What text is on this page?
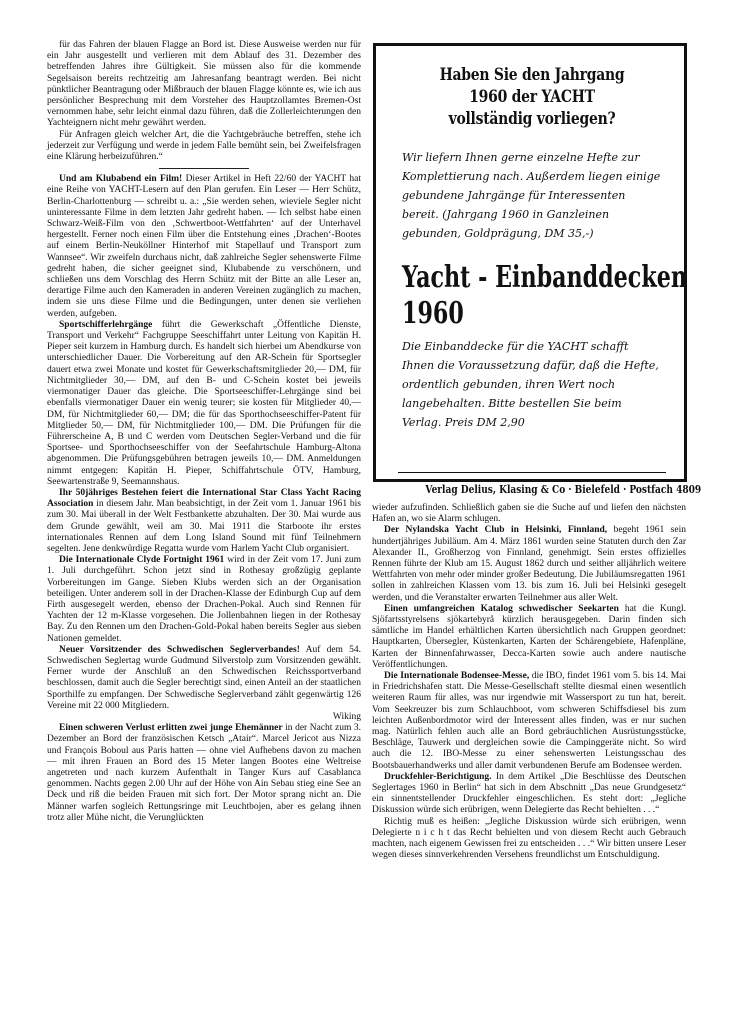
für das Fahren der blauen Flagge an Bord ist. Diese Ausweise werden nur für ein Jahr ausgestellt und verlieren mit dem Ablauf des 31. Dezember des betreffenden Jahres ihre Gültigkeit. Sie müssen also für die kommende Segelsaison bereits rechtzeitig am Jahresanfang beantragt werden. Bei nicht pünktlicher Beantragung oder Mißbrauch der blauen Flagge könnte es, wie ich aus persönlicher Besprechung mit dem Vorsteher des Hauptzollamtes Bremen-Ost vernommen habe, sehr leicht einmal dazu führen, daß die Zollerleichterungen den Yachteignern nicht mehr gewährt werden.

Für Anfragen gleich welcher Art, die die Yachtgebräuche betreffen, stehe ich jederzeit zur Verfügung und werde in jedem Falle bemüht sein, bei Zweifelsfragen eine Klärung herbeizuführen.“

Und am Klubabend ein Film! Dieser Artikel in Heft 22/60 der YACHT hat eine Reihe von YACHT-Lesern auf den Plan gerufen. Ein Leser — Herr Schütz, Berlin-Charlottenburg — schreibt u. a.: „Sie werden sehen, wieviele Segler nicht uninteressante Filme in dem letzten Jahr gedreht haben. — Ich selbst habe einen Schwarz-Weiß-Film von den ‚Schwertboot-Wettfahrten‘ auf der Unterhavel hergestellt. Ferner noch einen Film über die Entstehung eines ‚Drachen‘-Bootes auf einem Berlin-Neuköllner Hinterhof mit Stapellauf und Transport zum Wannsee“. Wir zweifeln durchaus nicht, daß zahlreiche Segler sehenswerte Filme gedreht haben, die sicher geeignet sind, Klubabende zu verschönern, und schließen uns dem Vorschlag des Herrn Schütz mit der Bitte an alle Leser an, derartige Filme auch den Kameraden in anderen Vereinen zugänglich zu machen, indem sie uns diese Filme und die Bedingungen, unter denen sie verliehen werden, aufgeben.

Sportschifferlehrgänge führt die Gewerkschaft „Öffentliche Dienste, Transport und Verkehr“ Fachgruppe Seeschiffahrt unter Leitung von Kapitän H. Pieper seit kurzem in Hamburg durch. Es handelt sich hierbei um Abendkurse von unterschiedlicher Dauer. Die Vorbereitung auf den AR-Schein für Sportsegler dauert etwa zwei Monate und kostet für Gewerkschaftsmitglieder 20,— DM, für Nichtmitglieder 30,— DM, auf den B- und C-Schein kostet bei jeweils viermonatiger Dauer das gleiche. Die Sportseeschiffer-Lehrgänge sind bei ebenfalls viermonatiger Dauer ein wenig teurer; sie kosten für Mitglieder 40,— DM, für Nichtmitglieder 60,— DM; die für das Sporthochseeschiffer-Patent für Mitglieder 50,— DM, für Nichtmitglieder 100,— DM. Die Prüfungen für die Führerscheine A, B und C werden vom Deutschen Segler-Verband und die für Sportsee- und Sporthochseeschiffer von der Seefahrtschule Hamburg-Altona abgenommen. Die Prüfungsgebühren betragen jeweils 10,— DM. Anmeldungen nimmt entgegen: Kapitän H. Pieper, Schiffahrtschule ÖTV, Hamburg, Seewartenstraße 9, Seemannshaus.

Ihr 50jähriges Bestehen feiert die International Star Class Yacht Racing Association in diesem Jahr. Man beabsichtigt, in der Zeit vom 1. Januar 1961 bis zum 30. Mai überall in der Welt Festbankette abzuhalten. Der 30. Mai wurde aus dem Grunde gewählt, weil am 30. Mai 1911 die Starboote ihr erstes internationales Rennen auf dem Long Island Sound mit fünf Teilnehmern segelten. Jene denkwürdige Regatta wurde vom Harlem Yacht Club organisiert.

Die Internationale Clyde Fortnight 1961 wird in der Zeit vom 17. Juni zum 1. Juli durchgeführt. Schon jetzt sind in Rothesay großzügig geplante Vorbereitungen im Gange. Sieben Klubs werden sich an der Organisation beteiligen. Unter anderem soll in der Drachen-Klasse der Edinburgh Cup auf dem Firth ausgesegelt werden, ebenso der Drachen-Pokal. Auch sind Rennen für Yachten der 12 m-Klasse vorgesehen. Die Jollenbahnen liegen in der Rothesay Bay. Zu den Rennen um den Drachen-Gold-Pokal haben bereits Segler aus sieben Nationen gemeldet.

Neuer Vorsitzender des Schwedischen Seglerverbandes! Auf dem 54. Schwedischen Seglertag wurde Gudmund Silverstolp zum Vorsitzenden gewählt. Ferner wurde der Anschluß an den Schwedischen Reichssportverband beschlossen, damit auch die Segler berechtigt sind, einen Anteil an der staatlichen Sporthilfe zu empfangen. Der Schwedische Seglerverband zählt gegenwärtig 126 Vereine mit 22 000 Mitgliedern.

Wiking

Einen schweren Verlust erlitten zwei junge Ehemänner in der Nacht zum 3. Dezember an Bord der französischen Ketsch „Atair“. Marcel Jericot aus Nizza und François Boboul aus Paris hatten — ohne viel Aufhebens davon zu machen — mit ihren Frauen an Bord des 15 Meter langen Bootes eine Weltreise angetreten und nach kurzem Aufenthalt in Tanger Kurs auf Casablanca genommen. Nachts gegen 2.00 Uhr auf der Höhe von Ain Sebau stieg eine See an Deck und riß die beiden Frauen mit sich fort. Der Motor sprang nicht an. Die Männer warfen sogleich Rettungsringe mit Leuchtbojen, aber es gelang ihnen trotz aller Mühe nicht, die Verunglückten

Haben Sie den Jahrgang 1960 der YACHT vollständig vorliegen?
Wir liefern Ihnen gerne einzelne Hefte zur Komplettierung nach. Außerdem liegen einige gebundene Jahrgänge für Interessenten bereit. (Jahrgang 1960 in Ganzleinen gebunden, Goldprägung, DM 35,-)
Yacht - Einbanddecken
1960
Die Einbanddecke für die YACHT schafft Ihnen die Voraussetzung dafür, daß die Hefte, ordentlich gebunden, ihren Wert noch langebehalten. Bitte bestellen Sie beim Verlag. Preis DM 2,90
Verlag Delius, Klasing & Co · Bielefeld · Postfach 4809

wieder aufzufinden. Schließlich gaben sie die Suche auf und liefen den nächsten Hafen an, wo sie Alarm schlugen.

Der Nylandska Yacht Club in Helsinki, Finnland, begeht 1961 sein hundertjähriges Jubiläum. Am 4. März 1861 wurden seine Statuten durch den Zar Alexander II., Großherzog von Finnland, genehmigt. Sein erstes offizielles Rennen führte der Klub am 15. August 1862 durch und seither alljährlich weitere Wettfahrten von mehr oder minder großer Bedeutung. Die Jubiläumsregatten 1961 sollen in zahlreichen Klassen vom 13. bis zum 16. Juli bei Helsinki gesegelt werden, und die Veranstalter erwarten Teilnehmer aus aller Welt.

Einen umfangreichen Katalog schwedischer Seekarten hat die Kungl. Sjöfartsstyrelsens sjökartebyrå kürzlich herausgegeben. Darin finden sich sämtliche im Handel erhältlichen Karten übersichtlich nach Gruppen geordnet: Hauptkarten, Übersegler, Küstenkarten, Karten der Schärengebiete, Hafenpläne, Karten der Binnenfahrwasser, Decca-Karten sowie auch andere nautische Veröffentlichungen.

Die Internationale Bodensee-Messe, die IBO, findet 1961 vom 5. bis 14. Mai in Friedrichshafen statt. Die Messe-Gesellschaft stellte diesmal einen wesentlich weiteren Raum für alles, was nur irgendwie mit Wassersport zu tun hat, bereit. Vom Seekreuzer bis zum Schlauchboot, vom schweren Schiffsdiesel bis zum leichten Außenbordmotor wird der Interessent alles finden, was er nur suchen mag. Natürlich fehlen auch alle an Bord gebräuchlichen Ausrüstungsstücke, Beschläge, Tauwerk und dergleichen sowie die Campinggeräte nicht. So wird auch die 12. IBO-Messe zu einer sehenswerten Leistungsschau des Bootsbauerhandwerks und aller damit verbundenen Berufe am Bodensee werden.

Druckfehler-Berichtigung. In dem Artikel „Die Beschlüsse des Deutschen Seglertages 1960 in Berlin“ hat sich in dem Abschnitt „Das neue Grundgesetz“ ein sinnentstellender Druckfehler eingeschlichen. Es steht dort: „Jegliche Diskussion würde sich erübrigen, wenn Delegierte das Recht behielten . . .“

Richtig muß es heißen: „Jegliche Diskussion würde sich erübrigen, wenn Delegierte n i c h t das Recht behielten und von diesem Recht auch Gebrauch machten, nach eigenem Gewissen frei zu entscheiden . . .“ Wir bitten unsere Leser wegen dieses sinnverkehrenden Versehens freundlichst um Entschuldigung.
